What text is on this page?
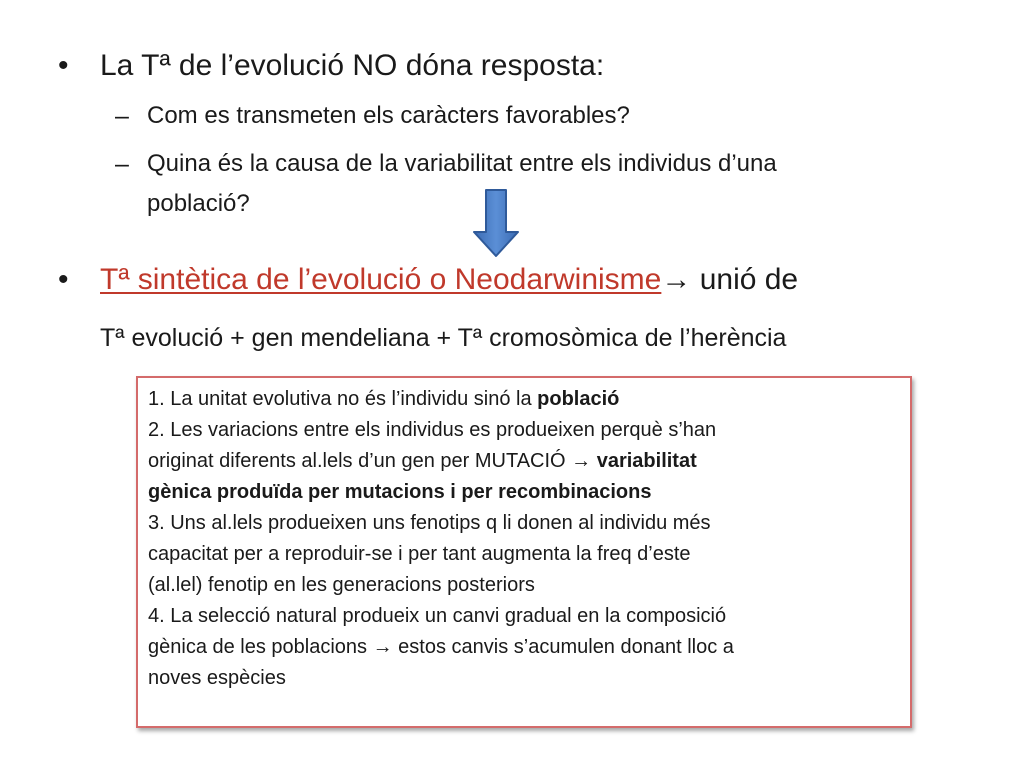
• La Tª de l’evolució NO dóna resposta:
– Com es transmeten els caràcters favorables?
– Quina és la causa de la variabilitat entre els individus d’una
població?
• Tª sintètica de l’evolució o Neodarwinisme→ unió de
Tª evolució + gen mendeliana + Tª cromosòmica de l’herència
1. La unitat evolutiva no és l’individu sinó la població
2. Les variacions entre els individus es produeixen perquè s’han
originat diferents al.lels d’un gen per MUTACIÓ → variabilitat
gènica produïda per mutacions i per recombinacions
3. Uns al.lels produeixen uns fenotips q li donen al individu més
capacitat per a reproduir-se i per tant augmenta la freq d’este
(al.lel) fenotip en les generacions posteriors
4. La selecció natural produeix un canvi gradual en la composició
gènica de les poblacions → estos canvis s’acumulen donant lloc a
noves espècies
